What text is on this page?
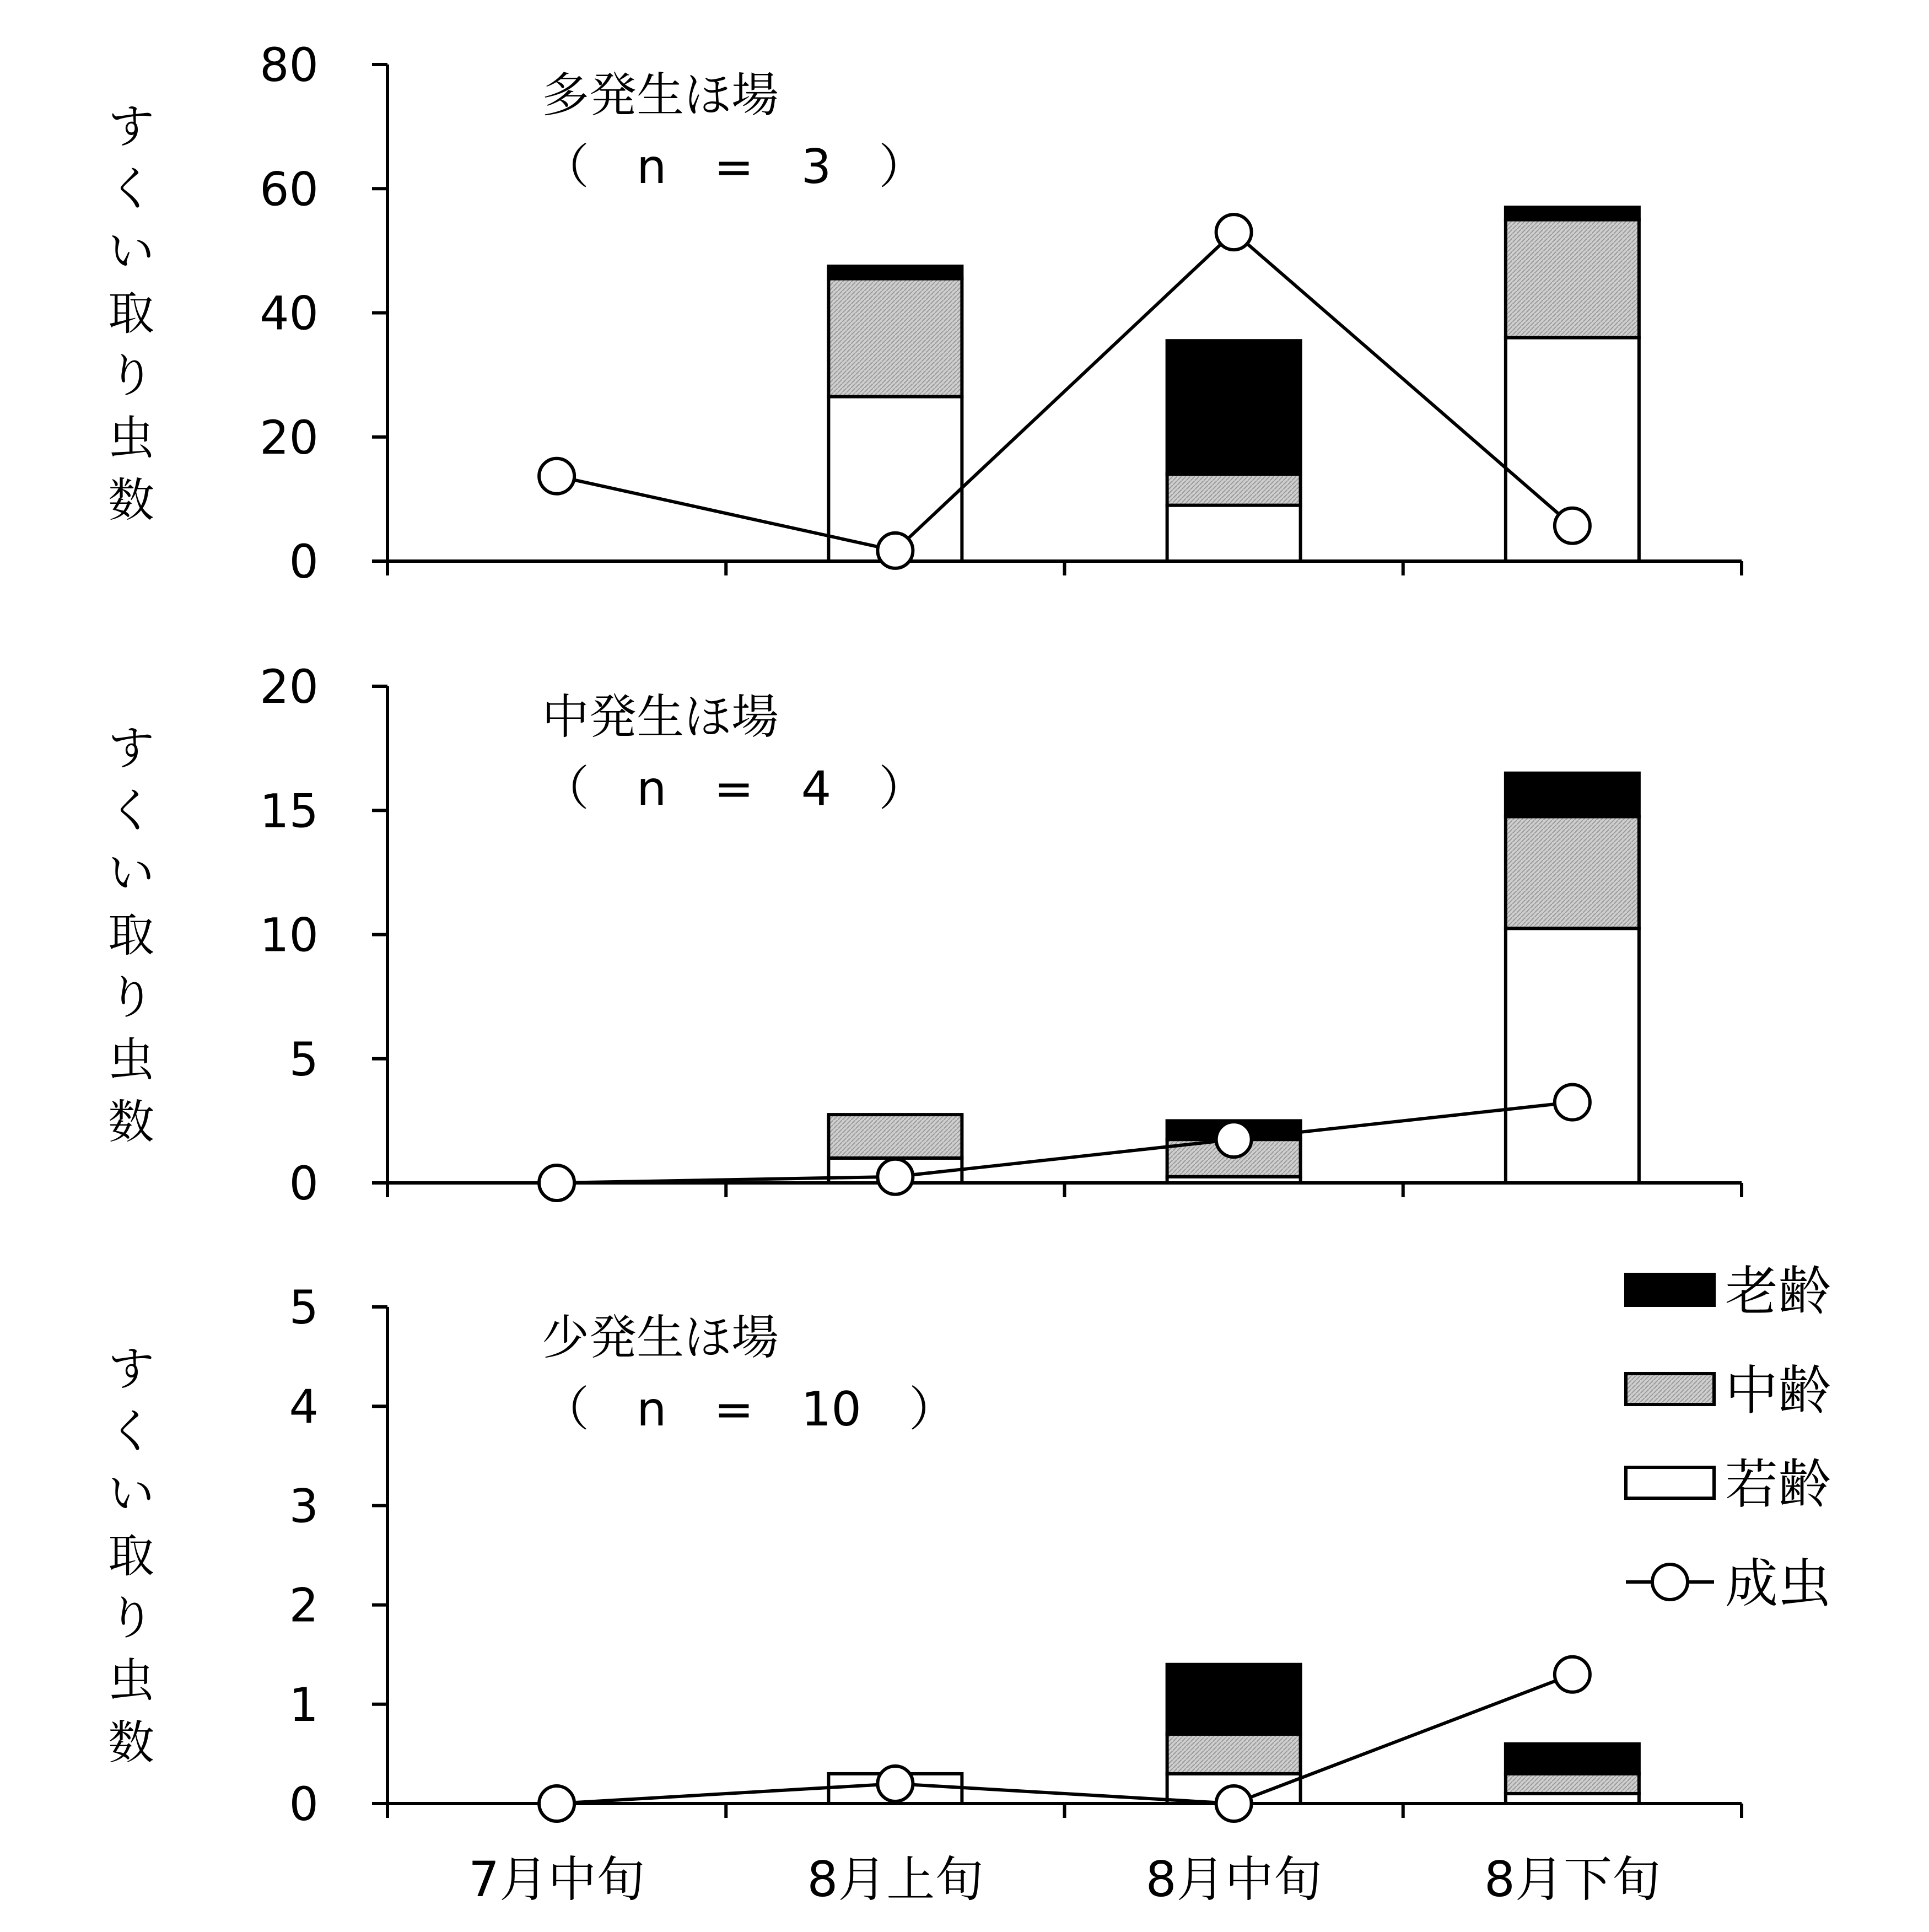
0
20
40
60
80
すくい取り虫数
多発生ほ場
（　n　=　3　）
0
5
10
15
20
すくい取り虫数
中発生ほ場
（　n　=　4　）
0
1
2
3
4
5
すくい取り虫数
少発生ほ場
（　n　=　10　）
7月中旬	8月上旬	8月中旬	8月下旬
老齢
中齢
若齢
成虫
